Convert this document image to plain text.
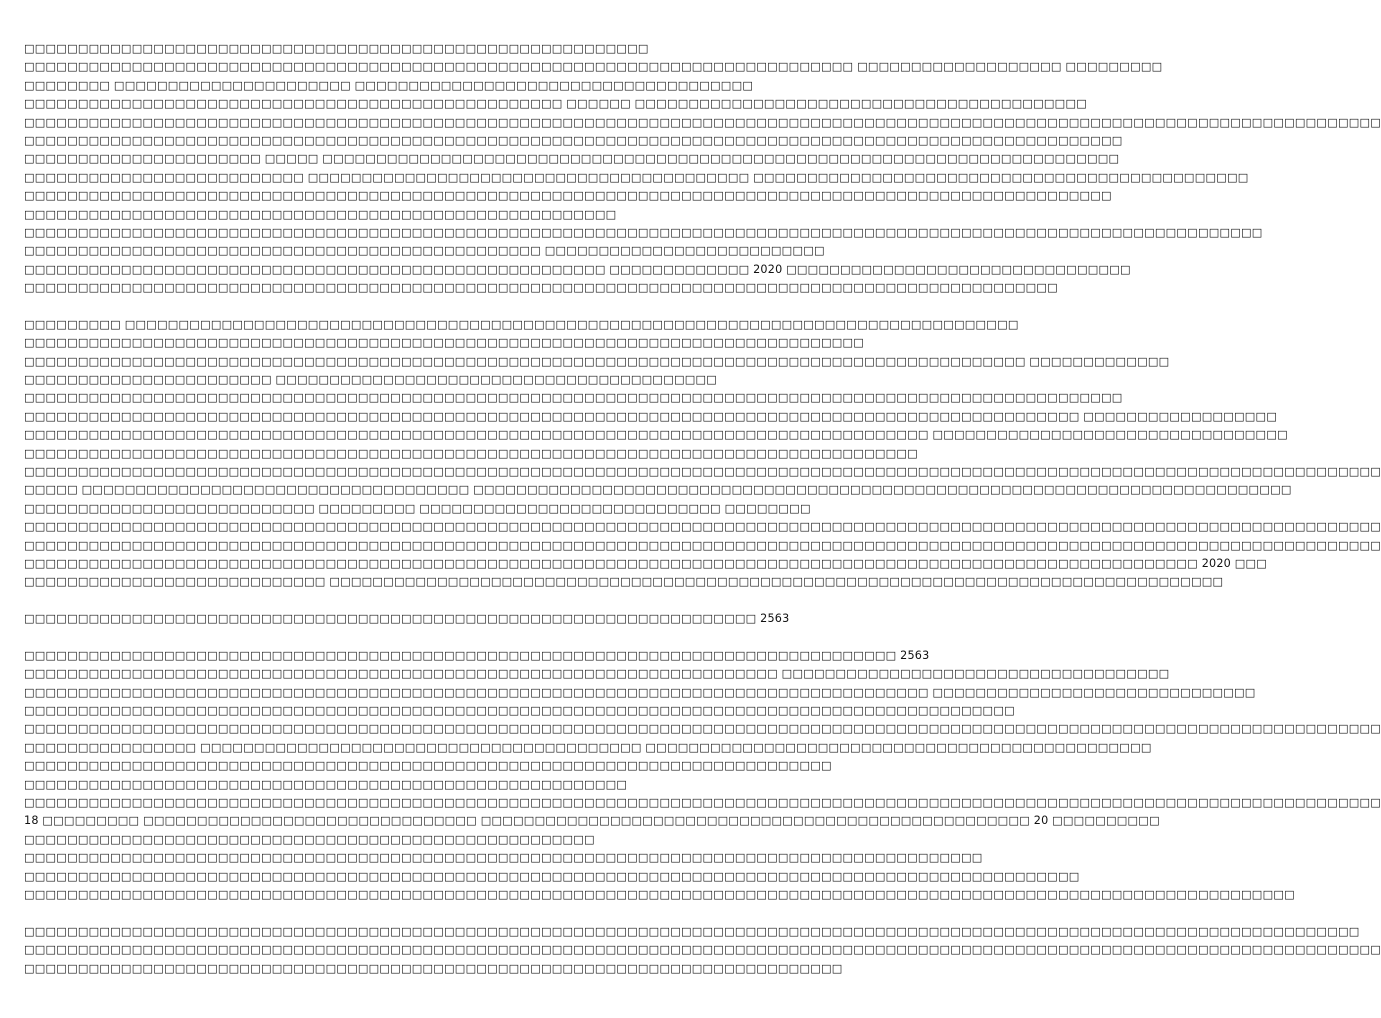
□□□□□□□□□□□□□□□□□□□□□□□□□□□□□□□□□□□□□□□□□□□□□□□□□□□□□□□□□□
□□□□□□□□□□□□□□□□□□□□□□□□□□□□□□□□□□□□□□□□□□□□□□□□□□□□□□□□□□□□□□□□□□□□□□□□□□□□□ □□□□□□□□□□□□□□□□□□□ □□□□□□□□□
□□□□□□□□ □□□□□□□□□□□□□□□□□□□□□□ □□□□□□□□□□□□□□□□□□□□□□□□□□□□□□□□□□□□□
□□□□□□□□□□□□□□□□□□□□□□□□□□□□□□□□□□□□□□□□□□□□□□□□□□ □□□□□□ □□□□□□□□□□□□□□□□□□□□□□□□□□□□□□□□□□□□□□□□□□
□□□□□□□□□□□□□□□□□□□□□□□□□□□□□□□□□□□□□□□□□□□□□□□□□□□□□□□□□□□□□□□□□□□□□□□□□□□□□□□□□□□□□□□□□□□□□□□□□□□□□□□□□□□□□□□□□□□□□□□□□□□□□□
□□□□□□□□□□□□□□□□□□□□□□□□□□□□□□□□□□□□□□□□□□□□□□□□□□□□□□□□□□□□□□□□□□□□□□□□□□□□□□□□□□□□□□□□□□□□□□□□□□□□□□
□□□□□□□□□□□□□□□□□□□□□□ □□□□□ □□□□□□□□□□□□□□□□□□□□□□□□□□□□□□□□□□□□□□□□□□□□□□□□□□□□□□□□□□□□□□□□□□□□□□□□□□
□□□□□□□□□□□□□□□□□□□□□□□□□□ □□□□□□□□□□□□□□□□□□□□□□□□□□□□□□□□□□□□□□□□□ □□□□□□□□□□□□□□□□□□□□□□□□□□□□□□□□□□□□□□□□□□□□□□
□□□□□□□□□□□□□□□□□□□□□□□□□□□□□□□□□□□□□□□□□□□□□□□□□□□□□□□□□□□□□□□□□□□□□□□□□□□□□□□□□□□□□□□□□□□□□□□□□□□□□
□□□□□□□□□□□□□□□□□□□□□□□□□□□□□□□□□□□□□□□□□□□□□□□□□□□□□□□
□□□□□□□□□□□□□□□□□□□□□□□□□□□□□□□□□□□□□□□□□□□□□□□□□□□□□□□□□□□□□□□□□□□□□□□□□□□□□□□□□□□□□□□□□□□□□□□□□□□□□□□□□□□□□□□□□□□
□□□□□□□□□□□□□□□□□□□□□□□□□□□□□□□□□□□□□□□□□□□□□□□□ □□□□□□□□□□□□□□□□□□□□□□□□□□
□□□□□□□□□□□□□□□□□□□□□□□□□□□□□□□□□□□□□□□□□□□□□□□□□□□□□□ □□□□□□□□□□□□□ 2020 □□□□□□□□□□□□□□□□□□□□□□□□□□□□□□□□
□□□□□□□□□□□□□□□□□□□□□□□□□□□□□□□□□□□□□□□□□□□□□□□□□□□□□□□□□□□□□□□□□□□□□□□□□□□□□□□□□□□□□□□□□□□□□□□□
□□□□□□□□□ □□□□□□□□□□□□□□□□□□□□□□□□□□□□□□□□□□□□□□□□□□□□□□□□□□□□□□□□□□□□□□□□□□□□□□□□□□□□□□□□□□□
□□□□□□□□□□□□□□□□□□□□□□□□□□□□□□□□□□□□□□□□□□□□□□□□□□□□□□□□□□□□□□□□□□□□□□□□□□□□□□
□□□□□□□□□□□□□□□□□□□□□□□□□□□□□□□□□□□□□□□□□□□□□□□□□□□□□□□□□□□□□□□□□□□□□□□□□□□□□□□□□□□□□□□□□□□□□ □□□□□□□□□□□□□
□□□□□□□□□□□□□□□□□□□□□□□ □□□□□□□□□□□□□□□□□□□□□□□□□□□□□□□□□□□□□□□□□
□□□□□□□□□□□□□□□□□□□□□□□□□□□□□□□□□□□□□□□□□□□□□□□□□□□□□□□□□□□□□□□□□□□□□□□□□□□□□□□□□□□□□□□□□□□□□□□□□□□□□□
□□□□□□□□□□□□□□□□□□□□□□□□□□□□□□□□□□□□□□□□□□□□□□□□□□□□□□□□□□□□□□□□□□□□□□□□□□□□□□□□□□□□□□□□□□□□□□□□□□ □□□□□□□□□□□□□□□□□□
□□□□□□□□□□□□□□□□□□□□□□□□□□□□□□□□□□□□□□□□□□□□□□□□□□□□□□□□□□□□□□□□□□□□□□□□□□□□□□□□□□□□ □□□□□□□□□□□□□□□□□□□□□□□□□□□□□□□□□
□□□□□□□□□□□□□□□□□□□□□□□□□□□□□□□□□□□□□□□□□□□□□□□□□□□□□□□□□□□□□□□□□□□□□□□□□□□□□□□□□□□
□□□□□□□□□□□□□□□□□□□□□□□□□□□□□□□□□□□□□□□□□□□□□□□□□□□□□□□□□□□□□□□□□□□□□□□□□□□□□□□□□□□□□□□□□□□□□□□□□□□□□□□□□□□□□□□□□□□□□□□□□□□□□□
□□□□□ □□□□□□□□□□□□□□□□□□□□□□□□□□□□□□□□□□□□ □□□□□□□□□□□□□□□□□□□□□□□□□□□□□□□□□□□□□□□□□□□□□□□□□□□□□□□□□□□□□□□□□□□□□□□□□□□□
□□□□□□□□□□□□□□□□□□□□□□□□□□□ □□□□□□□□□ □□□□□□□□□□□□□□□□□□□□□□□□□□□□ □□□□□□□□
□□□□□□□□□□□□□□□□□□□□□□□□□□□□□□□□□□□□□□□□□□□□□□□□□□□□□□□□□□□□□□□□□□□□□□□□□□□□□□□□□□□□□□□□□□□□□□□□□□□□□□□□□□□□□□□□□□□□□□□□□□□□□□
□□□□□□□□□□□□□□□□□□□□□□□□□□□□□□□□□□□□□□□□□□□□□□□□□□□□□□□□□□□□□□□□□□□□□□□□□□□□□□□□□□□□□□□□□□□□□□□□□□□□□□□□□□□□□□□□□□□□□□□□□□□□□□
□□□□□□□□□□□□□□□□□□□□□□□□□□□□□□□□□□□□□□□□□□□□□□□□□□□□□□□□□□□□□□□□□□□□□□□□□□□□□□□□□□□□□□□□□□□□□□□□□□□□□□□□□□□□□ 2020 □□□
□□□□□□□□□□□□□□□□□□□□□□□□□□□□ □□□□□□□□□□□□□□□□□□□□□□□□□□□□□□□□□□□□□□□□□□□□□□□□□□□□□□□□□□□□□□□□□□□□□□□□□□□□□□□□□□□
□□□□□□□□□□□□□□□□□□□□□□□□□□□□□□□□□□□□□□□□□□□□□□□□□□□□□□□□□□□□□□□□□□□□ 2563
□□□□□□□□□□□□□□□□□□□□□□□□□□□□□□□□□□□□□□□□□□□□□□□□□□□□□□□□□□□□□□□□□□□□□□□□□□□□□□□□□ 2563
□□□□□□□□□□□□□□□□□□□□□□□□□□□□□□□□□□□□□□□□□□□□□□□□□□□□□□□□□□□□□□□□□□□□□□ □□□□□□□□□□□□□□□□□□□□□□□□□□□□□□□□□□□□
□□□□□□□□□□□□□□□□□□□□□□□□□□□□□□□□□□□□□□□□□□□□□□□□□□□□□□□□□□□□□□□□□□□□□□□□□□□□□□□□□□□□ □□□□□□□□□□□□□□□□□□□□□□□□□□□□□□
□□□□□□□□□□□□□□□□□□□□□□□□□□□□□□□□□□□□□□□□□□□□□□□□□□□□□□□□□□□□□□□□□□□□□□□□□□□□□□□□□□□□□□□□□□□□
□□□□□□□□□□□□□□□□□□□□□□□□□□□□□□□□□□□□□□□□□□□□□□□□□□□□□□□□□□□□□□□□□□□□□□□□□□□□□□□□□□□□□□□□□□□□□□□□□□□□□□□□□□□□□□□□□□□□□□□□□□□□□□
□□□□□□□□□□□□□□□□ □□□□□□□□□□□□□□□□□□□□□□□□□□□□□□□□□□□□□□□□□ □□□□□□□□□□□□□□□□□□□□□□□□□□□□□□□□□□□□□□□□□□□□□□□
□□□□□□□□□□□□□□□□□□□□□□□□□□□□□□□□□□□□□□□□□□□□□□□□□□□□□□□□□□□□□□□□□□□□□□□□□□□
□□□□□□□□□□□□□□□□□□□□□□□□□□□□□□□□□□□□□□□□□□□□□□□□□□□□□□□□
□□□□□□□□□□□□□□□□□□□□□□□□□□□□□□□□□□□□□□□□□□□□□□□□□□□□□□□□□□□□□□□□□□□□□□□□□□□□□□□□□□□□□□□□□□□□□□□□□□□□□□□□□□□□□□□□□□□□□□□□□□□□□□
18 □□□□□□□□□ □□□□□□□□□□□□□□□□□□□□□□□□□□□□□□□ □□□□□□□□□□□□□□□□□□□□□□□□□□□□□□□□□□□□□□□□□□□□□□□□□□□ 20 □□□□□□□□□□
□□□□□□□□□□□□□□□□□□□□□□□□□□□□□□□□□□□□□□□□□□□□□□□□□□□□□
□□□□□□□□□□□□□□□□□□□□□□□□□□□□□□□□□□□□□□□□□□□□□□□□□□□□□□□□□□□□□□□□□□□□□□□□□□□□□□□□□□□□□□□□□
□□□□□□□□□□□□□□□□□□□□□□□□□□□□□□□□□□□□□□□□□□□□□□□□□□□□□□□□□□□□□□□□□□□□□□□□□□□□□□□□□□□□□□□□□□□□□□□□□□
□□□□□□□□□□□□□□□□□□□□□□□□□□□□□□□□□□□□□□□□□□□□□□□□□□□□□□□□□□□□□□□□□□□□□□□□□□□□□□□□□□□□□□□□□□□□□□□□□□□□□□□□□□□□□□□□□□□□□□
□□□□□□□□□□□□□□□□□□□□□□□□□□□□□□□□□□□□□□□□□□□□□□□□□□□□□□□□□□□□□□□□□□□□□□□□□□□□□□□□□□□□□□□□□□□□□□□□□□□□□□□□□□□□□□□□□□□□□□□□□□□□
□□□□□□□□□□□□□□□□□□□□□□□□□□□□□□□□□□□□□□□□□□□□□□□□□□□□□□□□□□□□□□□□□□□□□□□□□□□□□□□□□□□□□□□□□□□□□□□□□□□□□□□□□□□□□□□□□□□□□□□□□□□□□□
□□□□□□□□□□□□□□□□□□□□□□□□□□□□□□□□□□□□□□□□□□□□□□□□□□□□□□□□□□□□□□□□□□□□□□□□□□□□
